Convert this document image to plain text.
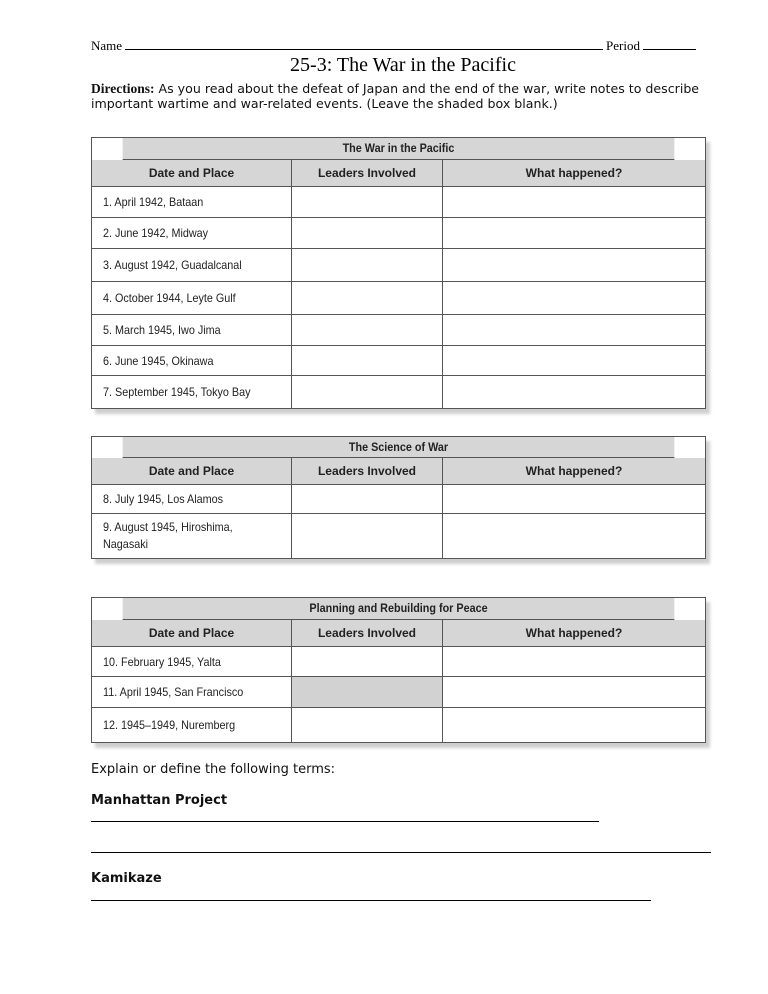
Name	Period
25-3: The War in the Pacific
Directions: As you read about the defeat of Japan and the end of the war, write notes to describe important wartime and war-related events. (Leave the shaded box blank.)
The War in the Pacific
Date and Place	Leaders Involved	What happened?
1. April 1942, Bataan
2. June 1942, Midway
3. August 1942, Guadalcanal
4. October 1944, Leyte Gulf
5. March 1945, Iwo Jima
6. June 1945, Okinawa
7. September 1945, Tokyo Bay
The Science of War
Date and Place	Leaders Involved	What happened?
8. July 1945, Los Alamos
9. August 1945, Hiroshima, Nagasaki
Planning and Rebuilding for Peace
Date and Place	Leaders Involved	What happened?
10. February 1945, Yalta
11. April 1945, San Francisco
12. 1945–1949, Nuremberg
Explain or define the following terms:
Manhattan Project
Kamikaze
